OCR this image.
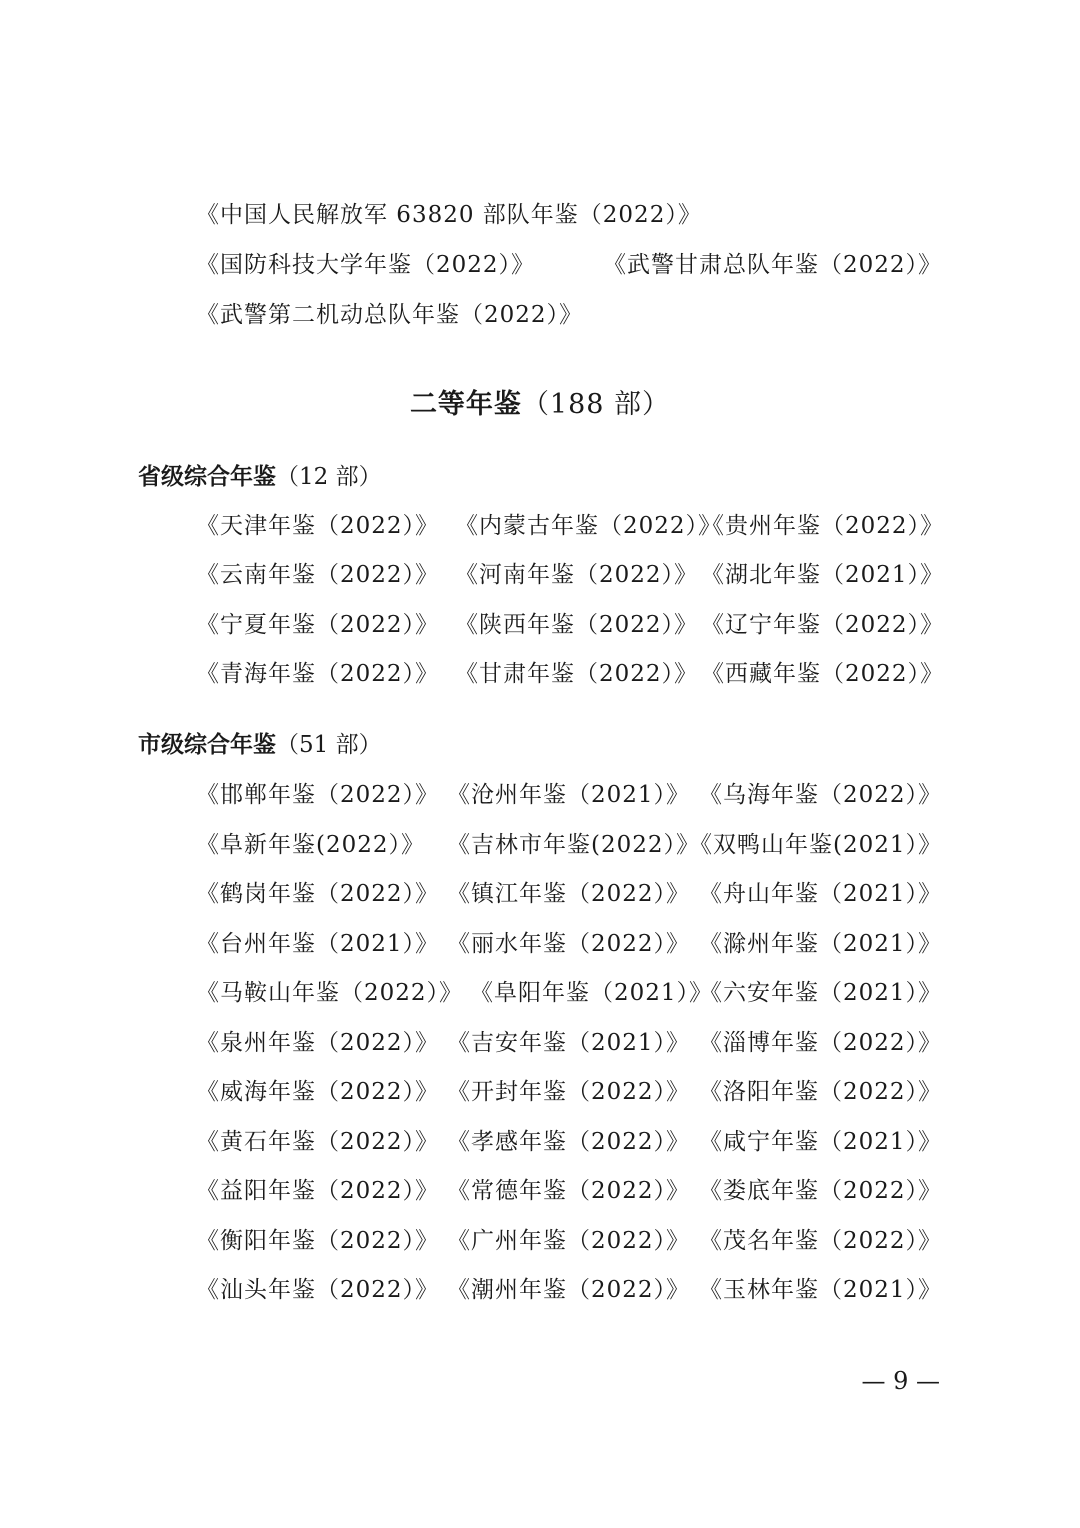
《中国人民解放军 63820 部队年鉴（2022）》
《国防科技大学年鉴（2022）》	《武警甘肃总队年鉴（2022）》
《武警第二机动总队年鉴（2022）》
二等年鉴（188 部）
省级综合年鉴（12 部）
《天津年鉴（2022）》 《内蒙古年鉴（2022）》
《贵州年鉴（2022）》
《云南年鉴（2022）》 《河南年鉴（2022）》 《湖北年鉴（2021）》
《宁夏年鉴（2022）》 《陕西年鉴（2022）》 《辽宁年鉴（2022）》
《青海年鉴（2022）》 《甘肃年鉴（2022）》 《西藏年鉴（2022）》
市级综合年鉴（51 部）
《邯郸年鉴（2022）》 《沧州年鉴（2021）》 《乌海年鉴（2022）》
《阜新年鉴(2022）》 《吉林市年鉴(2022）》
《双鸭山年鉴(2021）》
《鹤岗年鉴（2022）》 《镇江年鉴（2022）》 《舟山年鉴（2021）》
《台州年鉴（2021）》 《丽水年鉴（2022）》 《滁州年鉴（2021）》
《马鞍山年鉴（2022）》 《阜阳年鉴（2021）》
《六安年鉴（2021）》
《泉州年鉴（2022）》 《吉安年鉴（2021）》 《淄博年鉴（2022）》
《威海年鉴（2022）》 《开封年鉴（2022）》 《洛阳年鉴（2022）》
《黄石年鉴（2022）》 《孝感年鉴（2022）》 《咸宁年鉴（2021）》
《益阳年鉴（2022）》 《常德年鉴（2022）》 《娄底年鉴（2022）》
《衡阳年鉴（2022）》 《广州年鉴（2022）》 《茂名年鉴（2022）》
《汕头年鉴（2022）》 《潮州年鉴（2022）》 《玉林年鉴（2021）》
— 9 —
